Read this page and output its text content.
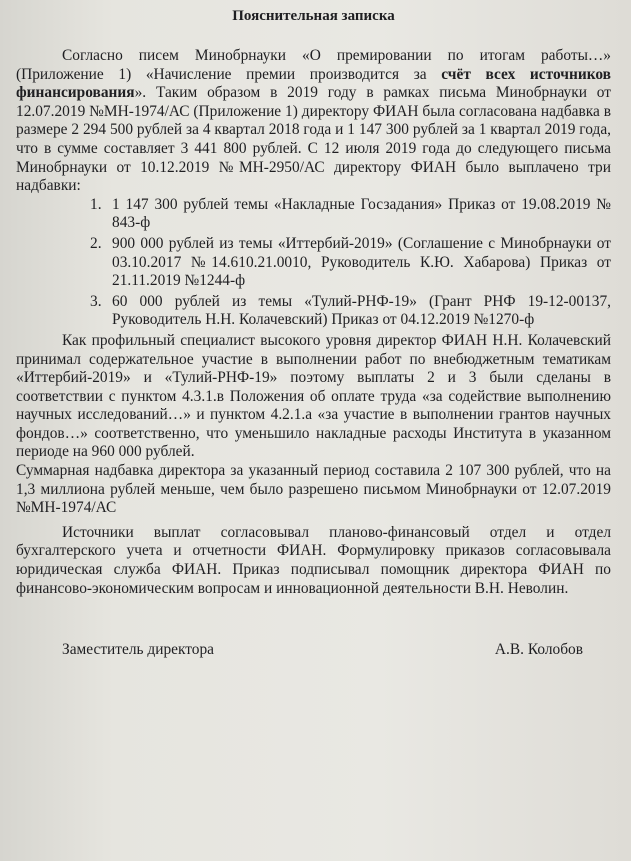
Пояснительная записка

Согласно писем Минобрнауки «О премировании по итогам работы…» (Приложение 1) «Начисление премии производится за счёт всех источников финансирования». Таким образом в 2019 году в рамках письма Минобрнауки от 12.07.2019 №МН-1974/АС (Приложение 1) директору ФИАН была согласована надбавка в размере 2 294 500 рублей за 4 квартал 2018 года и 1 147 300 рублей за 1 квартал 2019 года, что в сумме составляет 3 441 800 рублей. С 12 июля 2019 года до следующего письма Минобрнауки от 10.12.2019 №МН-2950/АС директору ФИАН было выплачено три надбавки:

1. 1 147 300 рублей темы «Накладные Госзадания» Приказ от 19.08.2019 № 843-ф
2. 900 000 рублей из темы «Иттербий-2019» (Соглашение с Минобрнауки от 03.10.2017 №14.610.21.0010, Руководитель К.Ю. Хабарова) Приказ от 21.11.2019 №1244-ф
3. 60 000 рублей из темы «Тулий-РНФ-19» (Грант РНФ 19-12-00137, Руководитель Н.Н. Колачевский) Приказ от 04.12.2019 №1270-ф

Как профильный специалист высокого уровня директор ФИАН Н.Н. Колачевский принимал содержательное участие в выполнении работ по внебюджетным тематикам «Иттербий-2019» и «Тулий-РНФ-19» поэтому выплаты 2 и 3 были сделаны в соответствии с пунктом 4.3.1.в Положения об оплате труда «за содействие выполнению научных исследований…» и пунктом 4.2.1.а «за участие в выполнении грантов научных фондов…» соответственно, что уменьшило накладные расходы Института в указанном периоде на 960 000 рублей.

Суммарная надбавка директора за указанный период составила 2 107 300 рублей, что на 1,3 миллиона рублей меньше, чем было разрешено письмом Минобрнауки от 12.07.2019 №МН-1974/АС

Источники выплат согласовывал планово-финансовый отдел и отдел бухгалтерского учета и отчетности ФИАН. Формулировку приказов согласовывала юридическая служба ФИАН. Приказ подписывал помощник директора ФИАН по финансово-экономическим вопросам и инновационной деятельности В.Н. Неволин.

Заместитель директора	А.В. Колобов
